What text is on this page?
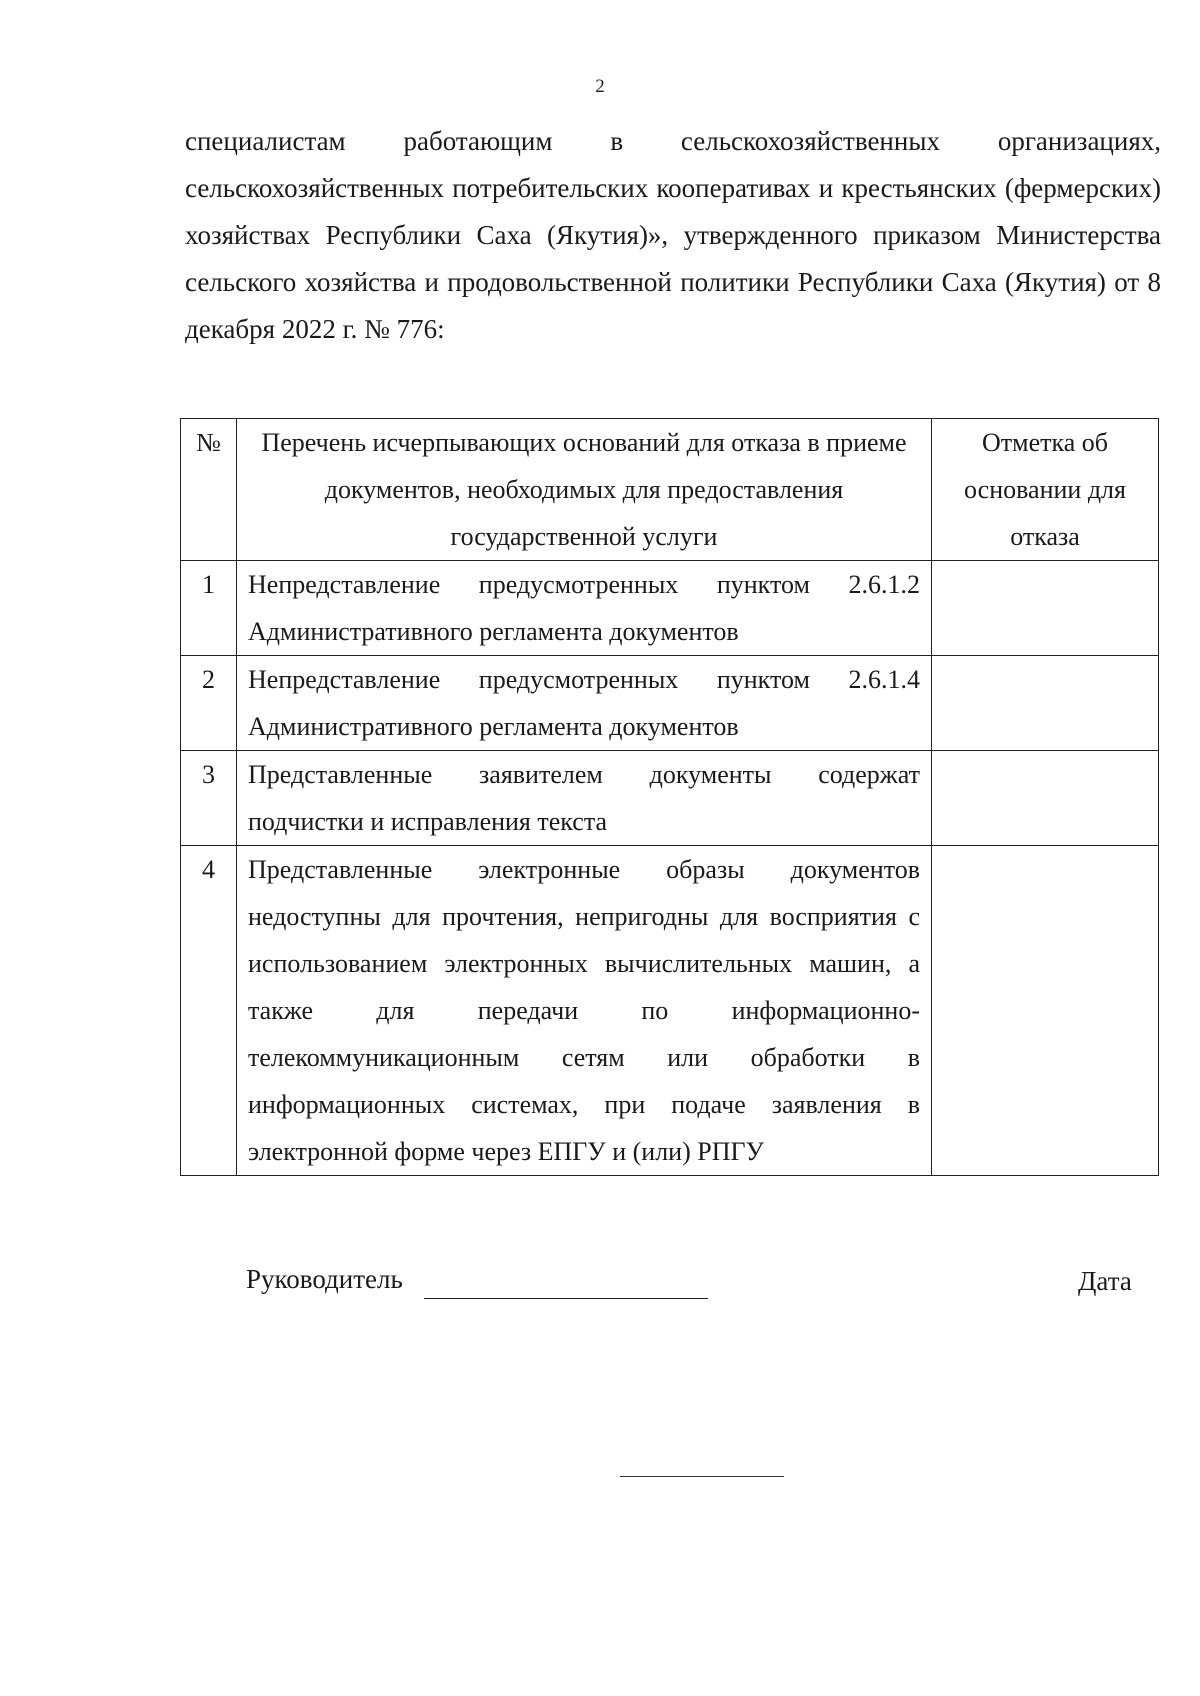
2

специалистам работающим в сельскохозяйственных организациях, сельскохозяйственных потребительских кооперативах и крестьянских (фермерских) хозяйствах Республики Саха (Якутия)», утвержденного приказом Министерства сельского хозяйства и продовольственной политики Республики Саха (Якутия) от 8 декабря 2022 г. № 776:

№	Перечень исчерпывающих оснований для отказа в приеме документов, необходимых для предоставления государственной услуги	Отметка об основании для отказа
1	Непредставление предусмотренных пунктом 2.6.1.2 Административного регламента документов	
2	Непредставление предусмотренных пунктом 2.6.1.4 Административного регламента документов	
3	Представленные заявителем документы содержат подчистки и исправления текста	
4	Представленные электронные образы документов недоступны для прочтения, непригодны для восприятия с использованием электронных вычислительных машин, а также для передачи по информационно-телекоммуникационным сетям или обработки в информационных системах, при подаче заявления в электронной форме через ЕПГУ и (или) РПГУ	
Руководитель	Дата
